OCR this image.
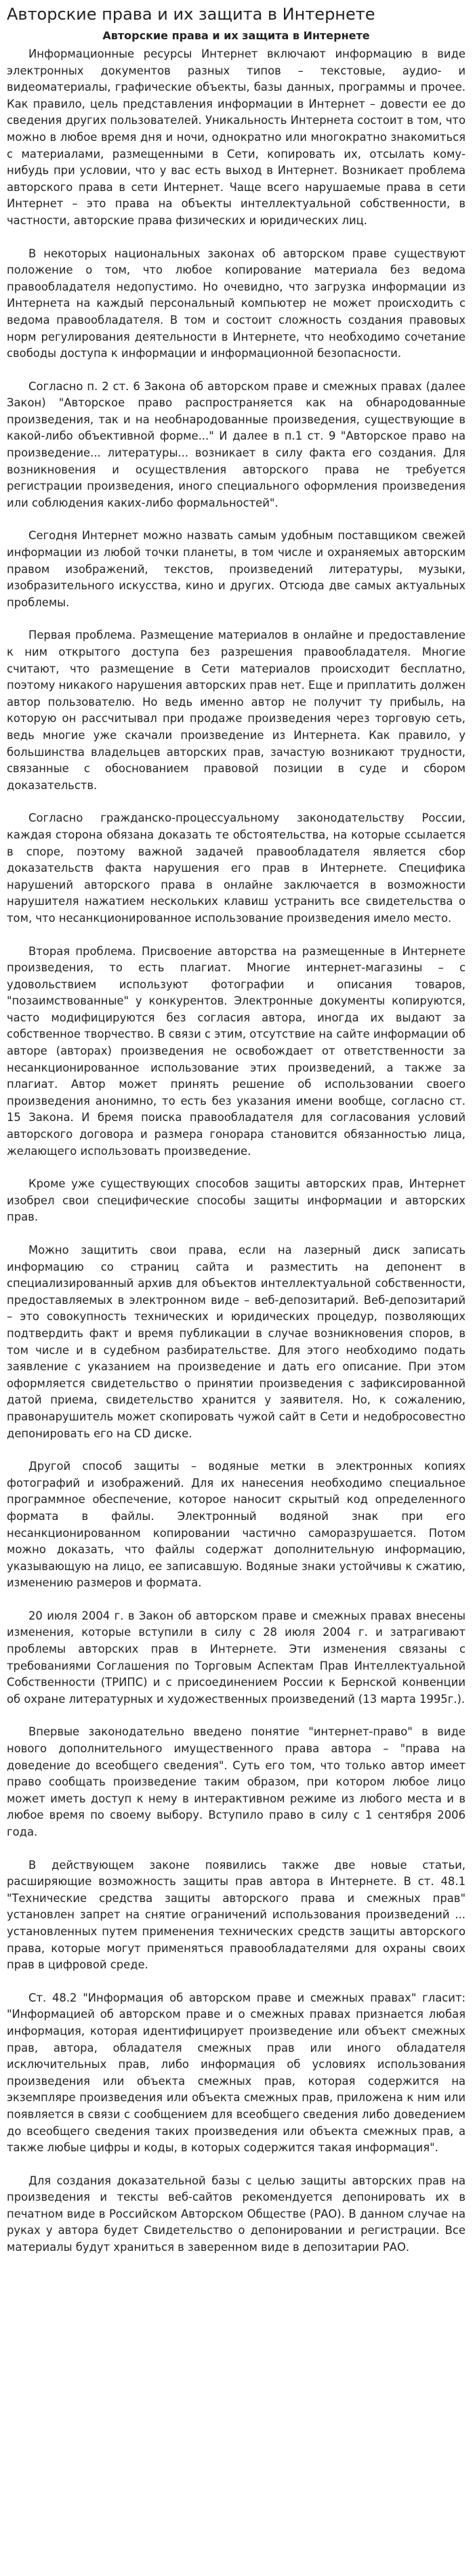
Авторские права и их защита в Интернете
Авторские права и их защита в Интернете

Информационные ресурсы Интернет включают информацию в виде электронных документов разных типов – текстовые, аудио- и видеоматериалы, графические объекты, базы данных, программы и прочее. Как правило, цель представления информации в Интернет – довести ее до сведения других пользователей. Уникальность Интернета состоит в том, что можно в любое время дня и ночи, однократно или многократно знакомиться с материалами, размещенными в Сети, копировать их, отсылать кому-нибудь при условии, что у вас есть выход в Интернет. Возникает проблема авторского права в сети Интернет. Чаще всего нарушаемые права в сети Интернет – это права на объекты интеллектуальной собственности, в частности, авторские права физических и юридических лиц.

В некоторых национальных законах об авторском праве существуют положение о том, что любое копирование материала без ведома правообладателя недопустимо. Но очевидно, что загрузка информации из Интернета на каждый персональный компьютер не может происходить с ведома правообладателя. В том и состоит сложность создания правовых норм регулирования деятельности в Интернете, что необходимо сочетание свободы доступа к информации и информационной безопасности.

Согласно п. 2 ст. 6 Закона об авторском праве и смежных правах (далее Закон) "Авторское право распространяется как на обнародованные произведения, так и на необнародованные произведения, существующие в какой-либо объективной форме..." И далее в п.1 ст. 9 "Авторское право на произведение... литературы... возникает в силу факта его создания. Для возникновения и осуществления авторского права не требуется регистрации произведения, иного специального оформления произведения или соблюдения каких-либо формальностей".

Сегодня Интернет можно назвать самым удобным поставщиком свежей информации из любой точки планеты, в том числе и охраняемых авторским правом изображений, текстов, произведений литературы, музыки, изобразительного искусства, кино и других. Отсюда две самых актуальных проблемы.

Первая проблема. Размещение материалов в онлайне и предоставление к ним открытого доступа без разрешения правообладателя. Многие считают, что размещение в Сети материалов происходит бесплатно, поэтому никакого нарушения авторских прав нет. Еще и приплатить должен автор пользователю. Но ведь именно автор не получит ту прибыль, на которую он рассчитывал при продаже произведения через торговую сеть, ведь многие уже скачали произведение из Интернета. Как правило, у большинства владельцев авторских прав, зачастую возникают трудности, связанные с обоснованием правовой позиции в суде и сбором доказательств.

Согласно гражданско-процессуальному законодательству России, каждая сторона обязана доказать те обстоятельства, на которые ссылается в споре, поэтому важной задачей правообладателя является сбор доказательств факта нарушения его прав в Интернете. Специфика нарушений авторского права в онлайне заключается в возможности нарушителя нажатием нескольких клавиш устранить все свидетельства о том, что несанкционированное использование произведения имело место.

Вторая проблема. Присвоение авторства на размещенные в Интернете произведения, то есть плагиат. Многие интернет-магазины – с удовольствием используют фотографии и описания товаров, "позаимствованные" у конкурентов. Электронные документы копируются, часто модифицируются без согласия автора, иногда их выдают за собственное творчество. В связи с этим, отсутствие на сайте информации об авторе (авторах) произведения не освобождает от ответственности за несанкционированное использование этих произведений, а также за плагиат. Автор может принять решение об использовании своего произведения анонимно, то есть без указания имени вообще, согласно ст. 15 Закона. И бремя поиска правообладателя для согласования условий авторского договора и размера гонорара становится обязанностью лица, желающего использовать произведение.

Кроме уже существующих способов защиты авторских прав, Интернет изобрел свои специфические способы защиты информации и авторских прав.

Можно защитить свои права, если на лазерный диск записать информацию со страниц сайта и разместить на депонент в специализированный архив для объектов интеллектуальной собственности, предоставляемых в электронном виде – веб-депозитарий. Веб-депозитарий – это совокупность технических и юридических процедур, позволяющих подтвердить факт и время публикации в случае возникновения споров, в том числе и в судебном разбирательстве. Для этого необходимо подать заявление с указанием на произведение и дать его описание. При этом оформляется свидетельство о принятии произведения с зафиксированной датой приема, свидетельство хранится у заявителя. Но, к сожалению, правонарушитель может скопировать чужой сайт в Сети и недобросовестно депонировать его на CD диске.

Другой способ защиты – водяные метки в электронных копиях фотографий и изображений. Для их нанесения необходимо специальное программное обеспечение, которое наносит скрытый код определенного формата в файлы. Электронный водяной знак при его несанкционированном копировании частично саморазрушается. Потом можно доказать, что файлы содержат дополнительную информацию, указывающую на лицо, ее записавшую. Водяные знаки устойчивы к сжатию, изменению размеров и формата.

20 июля 2004 г. в Закон об авторском праве и смежных правах внесены изменения, которые вступили в силу с 28 июля 2004 г. и затрагивают проблемы авторских прав в Интернете. Эти изменения связаны с требованиями Соглашения по Торговым Аспектам Прав Интеллектуальной Собственности (ТРИПС) и с присоединением России к Бернской конвенции об охране литературных и художественных произведений (13 марта 1995г.).

Впервые законодательно введено понятие "интернет-право" в виде нового дополнительного имущественного права автора – "права на доведение до всеобщего сведения". Суть его том, что только автор имеет право сообщать произведение таким образом, при котором любое лицо может иметь доступ к нему в интерактивном режиме из любого места и в любое время по своему выбору. Вступило право в силу с 1 сентября 2006 года.

В действующем законе появились также две новые статьи, расширяющие возможность защиты прав автора в Интернете. В ст. 48.1 "Технические средства защиты авторского права и смежных прав" установлен запрет на снятие ограничений использования произведений ... установленных путем применения технических средств защиты авторского права, которые могут применяться правообладателями для охраны своих прав в цифровой среде.

Ст. 48.2 "Информация об авторском праве и смежных правах" гласит: "Информацией об авторском праве и о смежных правах признается любая информация, которая идентифицирует произведение или объект смежных прав, автора, обладателя смежных прав или иного обладателя исключительных прав, либо информация об условиях использования произведения или объекта смежных прав, которая содержится на экземпляре произведения или объекта смежных прав, приложена к ним или появляется в связи с сообщением для всеобщего сведения либо доведением до всеобщего сведения таких произведения или объекта смежных прав, а также любые цифры и коды, в которых содержится такая информация".

Для создания доказательной базы с целью защиты авторских прав на произведения и тексты веб-сайтов рекомендуется депонировать их в печатном виде в Российском Авторском Обществе (РАО). В данном случае на руках у автора будет Свидетельство о депонировании и регистрации. Все материалы будут храниться в заверенном виде в депозитарии РАО.
